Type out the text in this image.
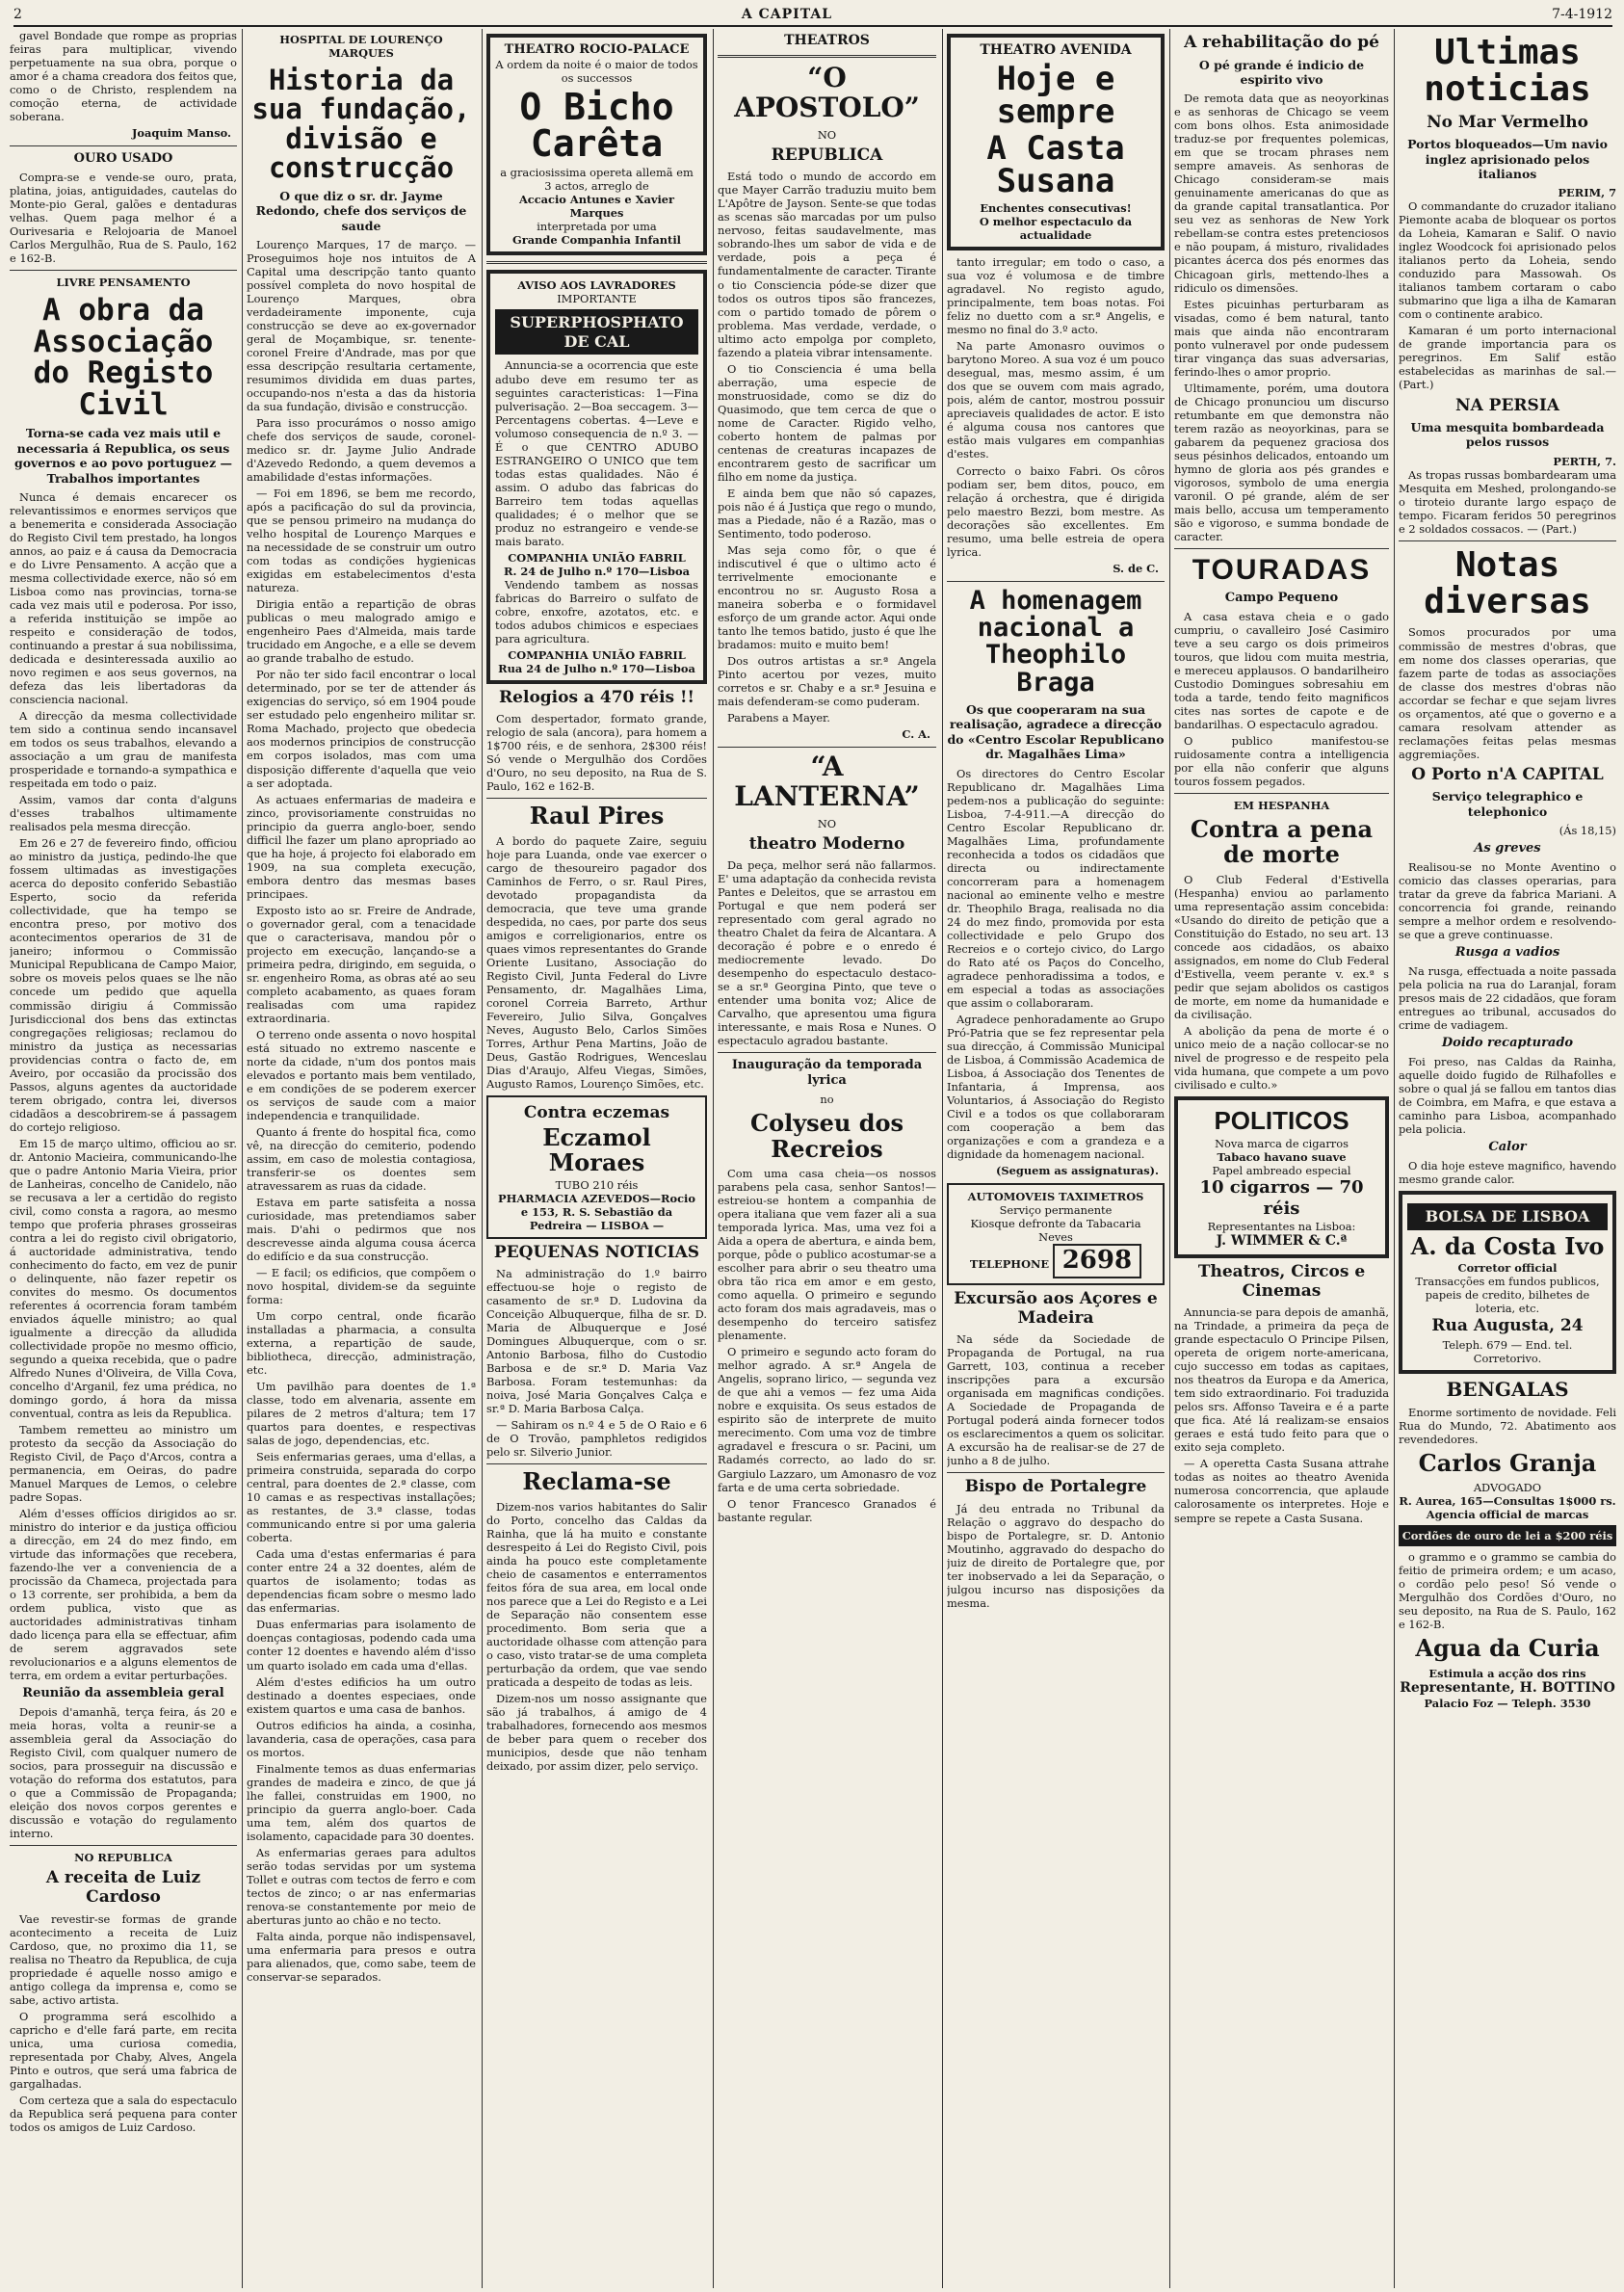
2	A CAPITAL	7-4-1912

gavel Bondade que rompe as proprias feiras para multiplicar, vivendo perpetuamente na sua obra, porque o amor é a chama creadora dos feitos que, como o de Christo, resplendem na comoção eterna, de actividade soberana.

Joaquim Manso.
OURO USADO

Compra-se e vende-se ouro, prata, platina, joias, antiguidades, cautelas do Monte-pio Geral, galões e dentaduras velhas. Quem paga melhor é a Ourivesaria e Relojoaria de Manoel Carlos Mergulhão, Rua de S. Paulo, 162 e 162-B.

LIVRE PENSAMENTO
A obra da Associação do Registo Civil
Torna-se cada vez mais util e necessaria á Republica, os seus governos e ao povo portuguez — Trabalhos importantes

Nunca é demais encarecer os relevantissimos e enormes serviços que a benemerita e considerada Associação do Registo Civil tem prestado, ha longos annos, ao paiz e á causa da Democracia e do Livre Pensamento. A acção que a mesma collectividade exerce, não só em Lisboa como nas provincias, torna-se cada vez mais util e poderosa. Por isso, a referida instituição se impõe ao respeito e consideração de todos, continuando a prestar á sua nobilissima, dedicada e desinteressada auxilio ao novo regimen e aos seus governos, na defeza das leis libertadoras da consciencia nacional.

A direcção da mesma collectividade tem sido a continua sendo incansavel em todos os seus trabalhos, elevando a associação a um grau de manifesta prosperidade e tornando-a sympathica e respeitada em todo o paiz.

Assim, vamos dar conta d'alguns d'esses trabalhos ultimamente realisados pela mesma direcção.

Em 26 e 27 de fevereiro findo, officiou ao ministro da justiça, pedindo-lhe que fossem ultimadas as investigações acerca do deposito conferido Sebastião Esperto, socio da referida collectividade, que ha tempo se encontra preso, por motivo dos acontecimentos operarios de 31 de janeiro; informou o Commissão Municipal Republicana de Campo Maior, sobre os moveis pelos quaes se lhe não concede um pedido que aquella commissão dirigiu á Commissão Jurisdiccional dos bens das extinctas congregações religiosas; reclamou do ministro da justiça as necessarias providencias contra o facto de, em Aveiro, por occasião da procissão dos Passos, alguns agentes da auctoridade terem obrigado, contra lei, diversos cidadãos a descobrirem-se á passagem do cortejo religioso.

Em 15 de março ultimo, officiou ao sr. dr. Antonio Macieira, communicando-lhe que o padre Antonio Maria Vieira, prior de Lanheiras, concelho de Canidelo, não se recusava a ler a certidão do registo civil, como consta a ragora, ao mesmo tempo que proferia phrases grosseiras contra a lei do registo civil obrigatorio, á auctoridade administrativa, tendo conhecimento do facto, em vez de punir o delinquente, não fazer repetir os convites do mesmo. Os documentos referentes á ocorrencia foram também enviados áquelle ministro; ao qual igualmente a direcção da alludida collectividade propõe no mesmo officio, segundo a queixa recebida, que o padre Alfredo Nunes d'Oliveira, de Villa Cova, concelho d'Arganil, fez uma prédica, no domingo gordo, á hora da missa conventual, contra as leis da Republica.

Tambem remetteu ao ministro um protesto da secção da Associação do Registo Civil, de Paço d'Arcos, contra a permanencia, em Oeiras, do padre Manuel Marques de Lemos, o celebre padre Sopas.

Além d'esses offícios dirigidos ao sr. ministro do interior e da justiça officiou a direcção, em 24 do mez findo, em virtude das informações que recebera, fazendo-lhe ver a conveniencia de a procissão da Chameca, projectada para o 13 corrente, ser prohibida, a bem da ordem publica, visto que as auctoridades administrativas tinham dado licença para ella se effectuar, afim de serem aggravados sete revolucionarios e a alguns elementos de terra, em ordem a evitar perturbações.

Reunião da assembleia geral

Depois d'amanhã, terça feira, ás 20 e meia horas, volta a reunir-se a assembleia geral da Associação do Registo Civil, com qualquer numero de socios, para prosseguir na discussão e votação do reforma dos estatutos, para o que a Commissão de Propaganda; eleição dos novos corpos gerentes e discussão e votação do regulamento interno.

NO REPUBLICA
A receita de Luiz Cardoso

Vae revestir-se formas de grande acontecimento a receita de Luiz Cardoso, que, no proximo dia 11, se realisa no Theatro da Republica, de cuja propriedade é aquelle nosso amigo e antigo collega da imprensa e, como se sabe, activo artista.

O programma será escolhido a capricho e d'elle fará parte, em recita unica, uma curiosa comedia, representada por Chaby, Alves, Angela Pinto e outros, que será uma fabrica de gargalhadas.

Com certeza que a sala do espectaculo da Republica será pequena para conter todos os amigos de Luiz Cardoso.

HOSPITAL DE LOURENÇO MARQUES
Historia da sua fundação, divisão e construcção
O que diz o sr. dr. Jayme Redondo, chefe dos serviços de saude

Lourenço Marques, 17 de março. — Proseguimos hoje nos intuitos de A Capital uma descripção tanto quanto possível completa do novo hospital de Lourenço Marques, obra verdadeiramente imponente, cuja construcção se deve ao ex-governador geral de Moçambique, sr. tenente-coronel Freire d'Andrade, mas por que essa descripção resultaria certamente, resumimos dividida em duas partes, occupando-nos n'esta a das da historia da sua fundação, divisão e construcção.

Para isso procurámos o nosso amigo chefe dos serviços de saude, coronel-medico sr. dr. Jayme Julio Andrade d'Azevedo Redondo, a quem devemos a amabilidade d'estas informações.

— Foi em 1896, se bem me recordo, após a pacificação do sul da provincia, que se pensou primeiro na mudança do velho hospital de Lourenço Marques e na necessidade de se construir um outro com todas as condições hygienicas exigidas em estabelecimentos d'esta natureza.

Dirigia então a repartição de obras publicas o meu malogrado amigo e engenheiro Paes d'Almeida, mais tarde trucidado em Angoche, e a elle se devem ao grande trabalho de estudo.

Por não ter sido facil encontrar o local determinado, por se ter de attender ás exigencias do serviço, só em 1904 poude ser estudado pelo engenheiro militar sr. Roma Machado, projecto que obedecia aos modernos principios de construcção em corpos isolados, mas com uma disposição differente d'aquella que veio a ser adoptada.

As actuaes enfermarias de madeira e zinco, provisoriamente construidas no principio da guerra anglo-boer, sendo difficil lhe fazer um plano apropriado ao que ha hoje, á projecto foi elaborado em 1909, na sua completa execução, embora dentro das mesmas bases principaes.

Exposto isto ao sr. Freire de Andrade, o governador geral, com a tenacidade que o caracterisava, mandou pôr o projecto em execução, lançando-se a primeira pedra, dirigindo, em seguida, o sr. engenheiro Roma, as obras até ao seu completo acabamento, as quaes foram realisadas com uma rapidez extraordinaria.

O terreno onde assenta o novo hospital está situado no extremo nascente e norte da cidade, n'um dos pontos mais elevados e portanto mais bem ventilado, e em condições de se poderem exercer os serviços de saude com a maior independencia e tranquilidade.

Quanto á frente do hospital fica, como vê, na direcção do cemiterio, podendo assim, em caso de molestia contagiosa, transferir-se os doentes sem atravessarem as ruas da cidade.

Estava em parte satisfeita a nossa curiosidade, mas pretendiamos saber mais. D'ahi o pedirmos que nos descrevesse ainda alguma cousa ácerca do edifício e da sua construcção.

— E facil; os edificios, que compõem o novo hospital, dividem-se da seguinte forma:

Um corpo central, onde ficarão installadas a pharmacia, a consulta externa, a repartição de saude, bibliotheca, direcção, administração, etc.

Um pavilhão para doentes de 1.ª classe, todo em alvenaria, assente em pilares de 2 metros d'altura; tem 17 quartos para doentes, e respectivas salas de jogo, dependencias, etc.

Seis enfermarias geraes, uma d'ellas, a primeira construida, separada do corpo central, para doentes de 2.ª classe, com 10 camas e as respectivas installações; as restantes, de 3.ª classe, todas communicando entre si por uma galeria coberta.

Cada uma d'estas enfermarias é para conter entre 24 a 32 doentes, além de quartos de isolamento; todas as dependencias ficam sobre o mesmo lado das enfermarias.

Duas enfermarias para isolamento de doenças contagiosas, podendo cada uma conter 12 doentes e havendo além d'isso um quarto isolado em cada uma d'ellas.

Além d'estes edificios ha um outro destinado a doentes especiaes, onde existem quartos e uma casa de banhos.

Outros edificios ha ainda, a cosinha, lavanderia, casa de operações, casa para os mortos.

Finalmente temos as duas enfermarias grandes de madeira e zinco, de que já lhe fallei, construidas em 1900, no principio da guerra anglo-boer. Cada uma tem, além dos quartos de isolamento, capacidade para 30 doentes.

As enfermarias geraes para adultos serão todas servidas por um systema Tollet e outras com tectos de ferro e com tectos de zinco; o ar nas enfermarias renova-se constantemente por meio de aberturas junto ao chão e no tecto.

Falta ainda, porque não indispensavel, uma enfermaria para presos e outra para alienados, que, como sabe, teem de conservar-se separados.

THEATRO ROCIO-PALACE
A ordem da noite é o maior de todos os successos
O Bicho Carêta
a graciosissima opereta allemã em 3 actos, arreglo de
Accacio Antunes e Xavier Marques
interpretada por uma
Grande Companhia Infantil
AVISO AOS LAVRADORES
IMPORTANTE
SUPERPHOSPHATO DE CAL

Annuncia-se a ocorrencia que este adubo deve em resumo ter as seguintes caracteristicas: 1—Fina pulverisação. 2—Boa seccagem. 3—Percentagens cobertas. 4—Leve e volumoso consequencia de n.º 3. — É o que CENTRO ADUBO ESTRANGEIRO O UNICO que tem todas estas qualidades. Não é assim. O adubo das fabricas do Barreiro tem todas aquellas qualidades; é o melhor que se produz no estrangeiro e vende-se mais barato.

COMPANHIA UNIÃO FABRIL
R. 24 de Julho n.º 170—Lisboa

Vendendo tambem as nossas fabricas do Barreiro o sulfato de cobre, enxofre, azotatos, etc. e todos adubos chimicos e especiaes para agricultura.

COMPANHIA UNIÃO FABRIL
Rua 24 de Julho n.º 170—Lisboa
Relogios a 470 réis !!

Com despertador, formato grande, relogio de sala (ancora), para homem a 1$700 réis, e de senhora, 2$300 réis! Só vende o Mergulhão dos Cordões d'Ouro, no seu deposito, na Rua de S. Paulo, 162 e 162-B.

Raul Pires

A bordo do paquete Zaire, seguiu hoje para Luanda, onde vae exercer o cargo de thesoureiro pagador dos Caminhos de Ferro, o sr. Raul Pires, devotado propagandista da democracia, que teve uma grande despedida, no caes, por parte dos seus amigos e correligionarios, entre os quaes vimos representantes do Grande Oriente Lusitano, Associação do Registo Civil, Junta Federal do Livre Pensamento, dr. Magalhães Lima, coronel Correia Barreto, Arthur Fevereiro, Julio Silva, Gonçalves Neves, Augusto Belo, Carlos Simões Torres, Arthur Pena Martins, João de Deus, Gastão Rodrigues, Wenceslau Dias d'Araujo, Alfeu Viegas, Simões, Augusto Ramos, Lourenço Simões, etc.

Contra eczemas
Eczamol Moraes
TUBO 210 réis
PHARMACIA AZEVEDOS—Rocio e 153, R. S. Sebastião da Pedreira — LISBOA —
PEQUENAS NOTICIAS

Na administração do 1.º bairro effectuou-se hoje o registo de casamento de sr.ª D. Ludovina da Conceição Albuquerque, filha de sr. D. Maria de Albuquerque e José Domingues Albuquerque, com o sr. Antonio Barbosa, filho do Custodio Barbosa e de sr.ª D. Maria Vaz Barbosa. Foram testemunhas: da noiva, José Maria Gonçalves Calça e sr.ª D. Maria Barbosa Calça.

— Sahiram os n.º 4 e 5 de O Raio e 6 de O Trovão, pamphletos redigidos pelo sr. Silverio Junior.

Reclama-se

Dizem-nos varios habitantes do Salir do Porto, concelho das Caldas da Rainha, que lá ha muito e constante desrespeito á Lei do Registo Civil, pois ainda ha pouco este completamente cheio de casamentos e enterramentos feitos fóra de sua area, em local onde nos parece que a Lei do Registo e a Lei de Separação não consentem esse procedimento. Bom seria que a auctoridade olhasse com attenção para o caso, visto tratar-se de uma completa perturbação da ordem, que vae sendo praticada a despeito de todas as leis.

Dizem-nos um nosso assignante que são já trabalhos, á amigo de 4 trabalhadores, fornecendo aos mesmos de beber para quem o receber dos municipios, desde que não tenham deixado, por assim dizer, pelo serviço.

THEATROS
“O APOSTOLO”
NO
REPUBLICA

Está todo o mundo de accordo em que Mayer Carrão traduziu muito bem L'Apôtre de Jayson. Sente-se que todas as scenas são marcadas por um pulso nervoso, feitas saudavelmente, mas sobrando-lhes um sabor de vida e de verdade, pois a peça é fundamentalmente de caracter. Tirante o tio Consciencia póde-se dizer que todos os outros tipos são francezes, com o partido tomado de pôrem o problema. Mas verdade, verdade, o ultimo acto empolga por completo, fazendo a plateia vibrar intensamente.

O tio Consciencia é uma bella aberração, uma especie de monstruosidade, como se diz do Quasimodo, que tem cerca de que o nome de Caracter. Rigido velho, coberto hontem de palmas por centenas de creaturas incapazes de encontrarem gesto de sacrificar um filho em nome da justiça.

E ainda bem que não só capazes, pois não é á Justiça que rego o mundo, mas a Piedade, não é a Razão, mas o Sentimento, todo poderoso.

Mas seja como fôr, o que é indiscutivel é que o ultimo acto é terrivelmente emocionante e encontrou no sr. Augusto Rosa a maneira soberba e o formidavel esforço de um grande actor. Aqui onde tanto lhe temos batido, justo é que lhe bradamos: muito e muito bem!

Dos outros artistas a sr.ª Angela Pinto acertou por vezes, muito corretos e sr. Chaby e a sr.ª Jesuina e mais defenderam-se como puderam.

Parabens a Mayer.

C. A.
“A LANTERNA”
NO
theatro Moderno

Da peça, melhor será não fallarmos. E' uma adaptação da conhecida revista Pantes e Deleitos, que se arrastou em Portugal e que nem poderá ser representado com geral agrado no theatro Chalet da feira de Alcantara. A decoração é pobre e o enredo é mediocremente levado. Do desempenho do espectaculo destaco-se a sr.ª Georgina Pinto, que teve o entender uma bonita voz; Alice de Carvalho, que apresentou uma figura interessante, e mais Rosa e Nunes. O espectaculo agradou bastante.

Inauguração da temporada lyrica
no
Colyseu dos Recreios

Com uma casa cheia—os nossos parabens pela casa, senhor Santos!—estreiou-se hontem a companhia de opera italiana que vem fazer ali a sua temporada lyrica. Mas, uma vez foi a Aida a opera de abertura, e ainda bem, porque, pôde o publico acostumar-se a escolher para abrir o seu theatro uma obra tão rica em amor e em gesto, como aquella. O primeiro e segundo acto foram dos mais agradaveis, mas o desempenho do terceiro satisfez plenamente.

O primeiro e segundo acto foram do melhor agrado. A sr.ª Angela de Angelis, soprano lirico, — segunda vez de que ahi a vemos — fez uma Aida nobre e exquisita. Os seus estados de espirito são de interprete de muito merecimento. Com uma voz de timbre agradavel e frescura o sr. Pacini, um Radamés correcto, ao lado do sr. Gargiulo Lazzaro, um Amonasro de voz farta e de uma certa sobriedade.

O tenor Francesco Granados é bastante regular.

THEATRO AVENIDA
Hoje e sempre
A Casta Susana
Enchentes consecutivas!
O melhor espectaculo da actualidade

tanto irregular; em todo o caso, a sua voz é volumosa e de timbre agradavel. No registo agudo, principalmente, tem boas notas. Foi feliz no duetto com a sr.ª Angelis, e mesmo no final do 3.º acto.

Na parte Amonasro ouvimos o barytono Moreo. A sua voz é um pouco desegual, mas, mesmo assim, é um dos que se ouvem com mais agrado, pois, além de cantor, mostrou possuir apreciaveis qualidades de actor. E isto é alguma cousa nos cantores que estão mais vulgares em companhias d'estes.

Correcto o baixo Fabri. Os côros podiam ser, bem ditos, pouco, em relação á orchestra, que é dirigida pelo maestro Bezzi, bom mestre. As decorações são excellentes. Em resumo, uma belle estreia de opera lyrica.

S. de C.
A homenagem nacional a Theophilo Braga
Os que cooperaram na sua realisação, agradece a direcção do «Centro Escolar Republicano dr. Magalhães Lima»

Os directores do Centro Escolar Republicano dr. Magalhães Lima pedem-nos a publicação do seguinte: Lisboa, 7-4-911.—A direcção do Centro Escolar Republicano dr. Magalhães Lima, profundamente reconhecida a todos os cidadãos que directa ou indirectamente concorreram para a homenagem nacional ao eminente velho e mestre dr. Theophilo Braga, realisada no dia 24 do mez findo, promovida por esta collectividade e pelo Grupo dos Recreios e o cortejo civico, do Largo do Rato até os Paços do Concelho, agradece penhoradissima a todos, e em especial a todas as associações que assim o collaboraram.

Agradece penhoradamente ao Grupo Pró-Patria que se fez representar pela sua direcção, á Commissão Municipal de Lisboa, á Commissão Academica de Lisboa, á Associação dos Tenentes de Infantaria, á Imprensa, aos Voluntarios, á Associação do Registo Civil e a todos os que collaboraram com cooperação a bem das organizações e com a grandeza e a dignidade da homenagem nacional.

(Seguem as assignaturas).
AUTOMOVEIS TAXIMETROS
Serviço permanente
Kiosque defronte da Tabacaria Neves
TELEPHONE 2698
Excursão aos Açores e Madeira

Na séde da Sociedade de Propaganda de Portugal, na rua Garrett, 103, continua a receber inscripções para a excursão organisada em magnificas condições. A Sociedade de Propaganda de Portugal poderá ainda fornecer todos os esclarecimentos a quem os solicitar. A excursão ha de realisar-se de 27 de junho a 8 de julho.

Bispo de Portalegre

Já deu entrada no Tribunal da Relação o aggravo do despacho do bispo de Portalegre, sr. D. Antonio Moutinho, aggravado do despacho do juiz de direito de Portalegre que, por ter inobservado a lei da Separação, o julgou incurso nas disposições da mesma.

A rehabilitação do pé
O pé grande é indicio de espirito vivo

De remota data que as neoyorkinas e as senhoras de Chicago se veem com bons olhos. Esta animosidade traduz-se por frequentes polemicas, em que se trocam phrases nem sempre amaveis. As senhoras de Chicago consideram-se mais genuinamente americanas do que as da grande capital transatlantica. Por seu vez as senhoras de New York rebellam-se contra estes pretenciosos e não poupam, á misturo, rivalidades picantes ácerca dos pés enormes das Chicagoan girls, mettendo-lhes a ridiculo os dimensões.

Estes picuinhas perturbaram as visadas, como é bem natural, tanto mais que ainda não encontraram ponto vulneravel por onde pudessem tirar vingança das suas adversarias, ferindo-lhes o amor proprio.

Ultimamente, porém, uma doutora de Chicago pronunciou um discurso retumbante em que demonstra não terem razão as neoyorkinas, para se gabarem da pequenez graciosa dos seus pésinhos delicados, entoando um hymno de gloria aos pés grandes e vigorosos, symbolo de uma energia varonil. O pé grande, além de ser mais bello, accusa um temperamento são e vigoroso, e summa bondade de caracter.

TOURADAS
Campo Pequeno

A casa estava cheia e o gado cumpriu, o cavalleiro José Casimiro teve a seu cargo os dois primeiros touros, que lidou com muita mestria, e mereceu applausos. O bandarilheiro Custodio Domingues sobresahiu em toda a tarde, tendo feito magnificos cites nas sortes de capote e de bandarilhas. O espectaculo agradou.

O publico manifestou-se ruidosamente contra a intelligencia por ella não conferir que alguns touros fossem pegados.

EM HESPANHA
Contra a pena de morte

O Club Federal d'Estivella (Hespanha) enviou ao parlamento uma representação assim concebida: «Usando do direito de petição que a Constituição do Estado, no seu art. 13 concede aos cidadãos, os abaixo assignados, em nome do Club Federal d'Estivella, veem perante v. ex.ª s pedir que sejam abolidos os castigos de morte, em nome da humanidade e da civilisação.

A abolição da pena de morte é o unico meio de a nação collocar-se no nivel de progresso e de respeito pela vida humana, que compete a um povo civilisado e culto.»

POLITICOS
Nova marca de cigarros
Tabaco havano suave
Papel ambreado especial
10 cigarros — 70 réis
Representantes na Lisboa:
J. WIMMER & C.ª
Theatros, Circos e Cinemas

Annuncia-se para depois de amanhã, na Trindade, a primeira da peça de grande espectaculo O Principe Pilsen, opereta de origem norte-americana, cujo successo em todas as capitaes, nos theatros da Europa e da America, tem sido extraordinario. Foi traduzida pelos srs. Affonso Taveira e é a parte que fica. Até lá realizam-se ensaios geraes e está tudo feito para que o exito seja completo.

— A operetta Casta Susana attrahe todas as noites ao theatro Avenida numerosa concorrencia, que aplaude calorosamente os interpretes. Hoje e sempre se repete a Casta Susana.

Ultimas noticias
No Mar Vermelho
Portos bloqueados—Um navio inglez aprisionado pelos italianos
PERIM, 7

O commandante do cruzador italiano Piemonte acaba de bloquear os portos da Loheia, Kamaran e Salif. O navio inglez Woodcock foi aprisionado pelos italianos perto da Loheia, sendo conduzido para Massowah. Os italianos tambem cortaram o cabo submarino que liga a ilha de Kamaran com o continente arabico.

Kamaran é um porto internacional de grande importancia para os peregrinos. Em Salif estão estabelecidas as marinhas de sal.—(Part.)

NA PERSIA
Uma mesquita bombardeada pelos russos
PERTH, 7.

As tropas russas bombardearam uma Mesquita em Meshed, prolongando-se o tiroteio durante largo espaço de tempo. Ficaram feridos 50 peregrinos e 2 soldados cossacos. — (Part.)

Notas diversas

Somos procurados por uma commissão de mestres d'obras, que em nome dos classes operarias, que fazem parte de todas as associações de classe dos mestres d'obras não accordar se fechar e que sejam livres os orçamentos, até que o governo e a camara resolvam attender as reclamações feitas pelas mesmas aggremiações.

O Porto n'A CAPITAL
Serviço telegraphico e telephonico
(Ás 18,15)
As greves

Realisou-se no Monte Aventino o comicio das classes operarias, para tratar da greve da fabrica Mariani. A concorrencia foi grande, reinando sempre a melhor ordem e resolvendo-se que a greve continuasse.

Rusga a vadios

Na rusga, effectuada a noite passada pela policia na rua do Laranjal, foram presos mais de 22 cidadãos, que foram entregues ao tribunal, accusados do crime de vadiagem.

Doido recapturado

Foi preso, nas Caldas da Rainha, aquelle doido fugido de Rilhafolles e sobre o qual já se fallou em tantos dias de Coimbra, em Mafra, e que estava a caminho para Lisboa, acompanhado pela policia.

Calor

O dia hoje esteve magnifico, havendo mesmo grande calor.

BOLSA DE LISBOA
A. da Costa Ivo
Corretor official
Transacções em fundos publicos, papeis de credito, bilhetes de loteria, etc.
Rua Augusta, 24
Teleph. 679 — End. tel. Corretorivo.
BENGALAS

Enorme sortimento de novidade. Feli Rua do Mundo, 72. Abatimento aos revendedores.

Carlos Granja
ADVOGADO
R. Aurea, 165—Consultas 1$000 rs.
Agencia official de marcas
Cordões de ouro de lei a $200 réis

o grammo e o grammo se cambia do feitio de primeira ordem; e um acaso, o cordão pelo peso! Só vende o Mergulhão dos Cordões d'Ouro, no seu deposito, na Rua de S. Paulo, 162 e 162-B.

Agua da Curia
Estimula a acção dos rins
Representante, H. BOTTINO
Palacio Foz — Teleph. 3530
